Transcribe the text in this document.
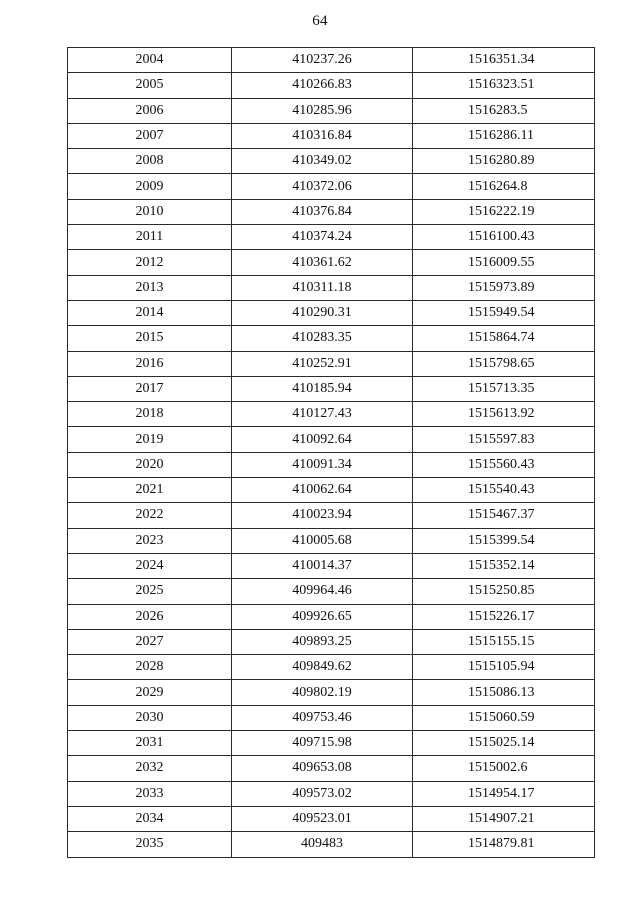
64
2004	410237.26	1516351.34
2005	410266.83	1516323.51
2006	410285.96	1516283.5
2007	410316.84	1516286.11
2008	410349.02	1516280.89
2009	410372.06	1516264.8
2010	410376.84	1516222.19
2011	410374.24	1516100.43
2012	410361.62	1516009.55
2013	410311.18	1515973.89
2014	410290.31	1515949.54
2015	410283.35	1515864.74
2016	410252.91	1515798.65
2017	410185.94	1515713.35
2018	410127.43	1515613.92
2019	410092.64	1515597.83
2020	410091.34	1515560.43
2021	410062.64	1515540.43
2022	410023.94	1515467.37
2023	410005.68	1515399.54
2024	410014.37	1515352.14
2025	409964.46	1515250.85
2026	409926.65	1515226.17
2027	409893.25	1515155.15
2028	409849.62	1515105.94
2029	409802.19	1515086.13
2030	409753.46	1515060.59
2031	409715.98	1515025.14
2032	409653.08	1515002.6
2033	409573.02	1514954.17
2034	409523.01	1514907.21
2035	409483	1514879.81
